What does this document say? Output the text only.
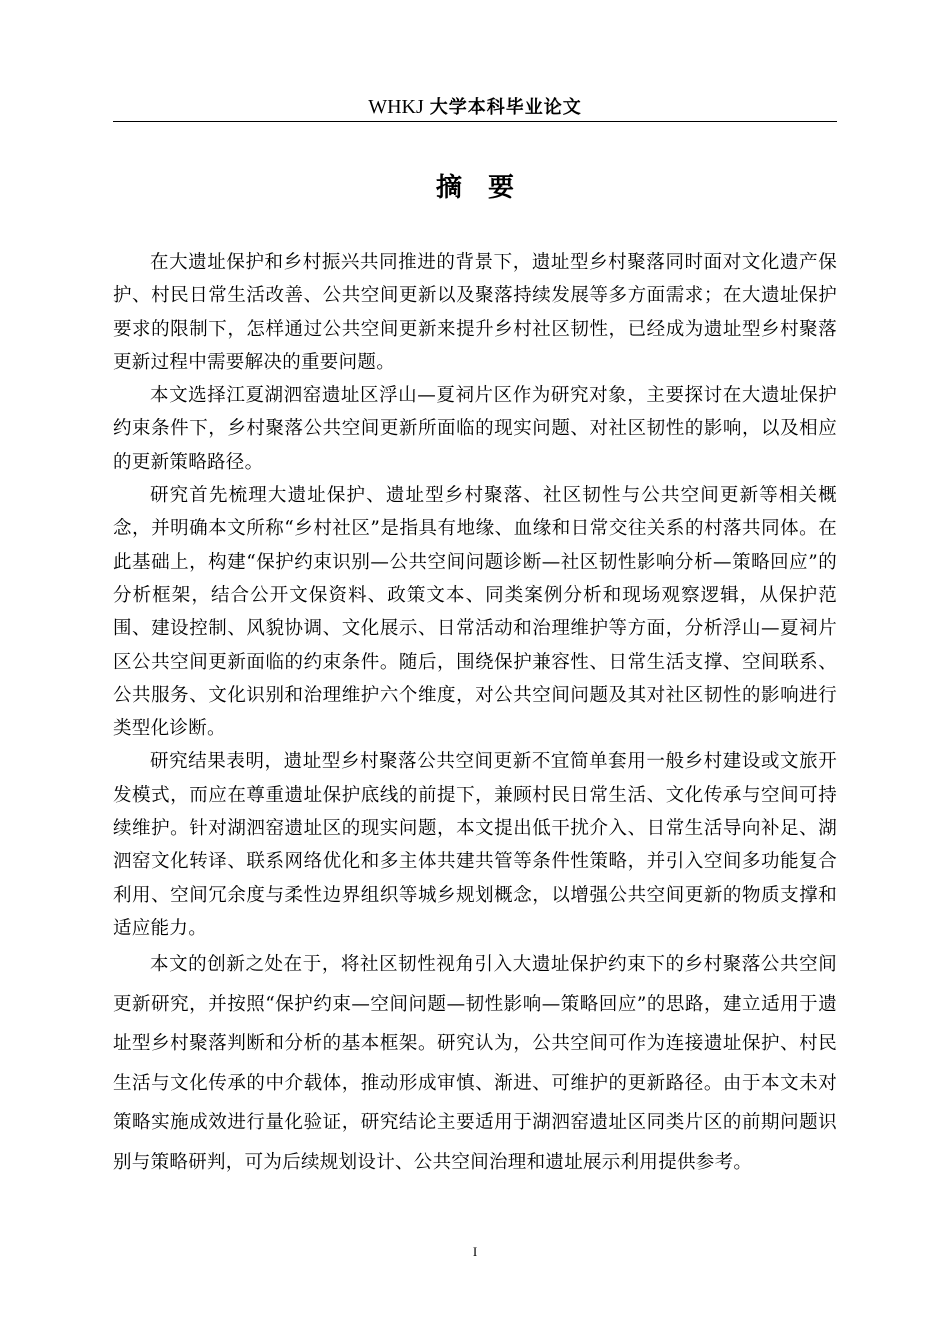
WHKJ 大学本科毕业论文
摘要

在大遗址保护和乡村振兴共同推进的背景下，遗址型乡村聚落同时面对文化遗产保护、村民日常生活改善、公共空间更新以及聚落持续发展等多方面需求；在大遗址保护要求的限制下，怎样通过公共空间更新来提升乡村社区韧性，已经成为遗址型乡村聚落更新过程中需要解决的重要问题。

本文选择江夏湖泗窑遗址区浮山—夏祠片区作为研究对象，主要探讨在大遗址保护约束条件下，乡村聚落公共空间更新所面临的现实问题、对社区韧性的影响，以及相应的更新策略路径。

研究首先梳理大遗址保护、遗址型乡村聚落、社区韧性与公共空间更新等相关概念，并明确本文所称“乡村社区”是指具有地缘、血缘和日常交往关系的村落共同体。在此基础上，构建“保护约束识别—公共空间问题诊断—社区韧性影响分析—策略回应”的分析框架，结合公开文保资料、政策文本、同类案例分析和现场观察逻辑，从保护范围、建设控制、风貌协调、文化展示、日常活动和治理维护等方面，分析浮山—夏祠片区公共空间更新面临的约束条件。随后，围绕保护兼容性、日常生活支撑、空间联系、公共服务、文化识别和治理维护六个维度，对公共空间问题及其对社区韧性的影响进行类型化诊断。

研究结果表明，遗址型乡村聚落公共空间更新不宜简单套用一般乡村建设或文旅开发模式，而应在尊重遗址保护底线的前提下，兼顾村民日常生活、文化传承与空间可持续维护。针对湖泗窑遗址区的现实问题，本文提出低干扰介入、日常生活导向补足、湖泗窑文化转译、联系网络优化和多主体共建共管等条件性策略，并引入空间多功能复合利用、空间冗余度与柔性边界组织等城乡规划概念，以增强公共空间更新的物质支撑和适应能力。

本文的创新之处在于，将社区韧性视角引入大遗址保护约束下的乡村聚落公共空间更新研究，并按照“保护约束—空间问题—韧性影响—策略回应”的思路，建立适用于遗址型乡村聚落判断和分析的基本框架。研究认为，公共空间可作为连接遗址保护、村民生活与文化传承的中介载体，推动形成审慎、渐进、可维护的更新路径。由于本文未对策略实施成效进行量化验证，研究结论主要适用于湖泗窑遗址区同类片区的前期问题识别与策略研判，可为后续规划设计、公共空间治理和遗址展示利用提供参考。

I
